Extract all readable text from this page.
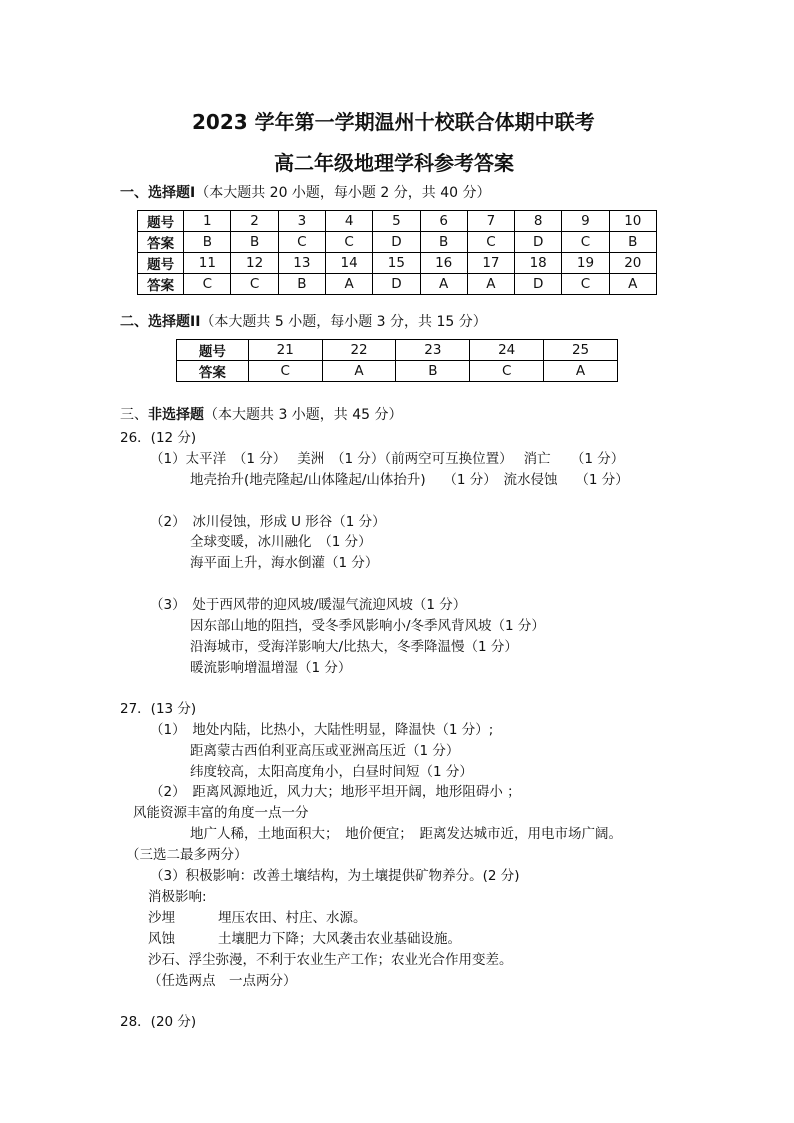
2023 学年第一学期温州十校联合体期中联考
高二年级地理学科参考答案
一、选择题I（本大题共 20 小题，每小题 2 分，共 40 分）
题号	1	2	3	4	5	6	7	8	9	10
答案	B	B	C	C	D	B	C	D	C	B
题号	11	12	13	14	15	16	17	18	19	20
答案	C	C	B	A	D	A	A	D	C	A
二、选择题II（本大题共 5 小题，每小题 3 分，共 15 分）
题号	21	22	23	24	25
答案	C	A	B	C	A
三、非选择题（本大题共 3 小题，共 45 分）
26．(12 分)
（1）太平洋　（1 分）　 美洲　（1 分）（前两空可互换位置）　 消亡　　（1 分）
地壳抬升(地壳隆起/山体隆起/山体抬升)　 （1 分）　流水侵蚀　 （1 分）
（2）　冰川侵蚀，形成 U 形谷（1 分）
全球变暖，冰川融化　（1 分）
海平面上升，海水倒灌（1 分）
（3）　处于西风带的迎风坡/暖湿气流迎风坡（1 分）
因东部山地的阻挡，受冬季风影响小/冬季风背风坡（1 分）
沿海城市，受海洋影响大/比热大，冬季降温慢（1 分）
暖流影响增温增湿（1 分）
27．(13 分)
（1）　地处内陆，比热小，大陆性明显，降温快（1 分）;
距离蒙古西伯利亚高压或亚洲高压近（1 分）
纬度较高，太阳高度角小，白昼时间短（1 分）
（2）　距离风源地近，风力大；地形平坦开阔，地形阻碍小 ；
风能资源丰富的角度一点一分
地广人稀，土地面积大；　地价便宜；　距离发达城市近，用电市场广阔。
（三选二最多两分）
（3）积极影响：改善土壤结构，为土壤提供矿物养分。(2 分)
消极影响:
沙埋	埋压农田、村庄、水源。
风蚀	土壤肥力下降；大风袭击农业基础设施。
沙石、浮尘弥漫，不利于农业生产工作；农业光合作用变差。
（任选两点　一点两分）
28．(20 分)
